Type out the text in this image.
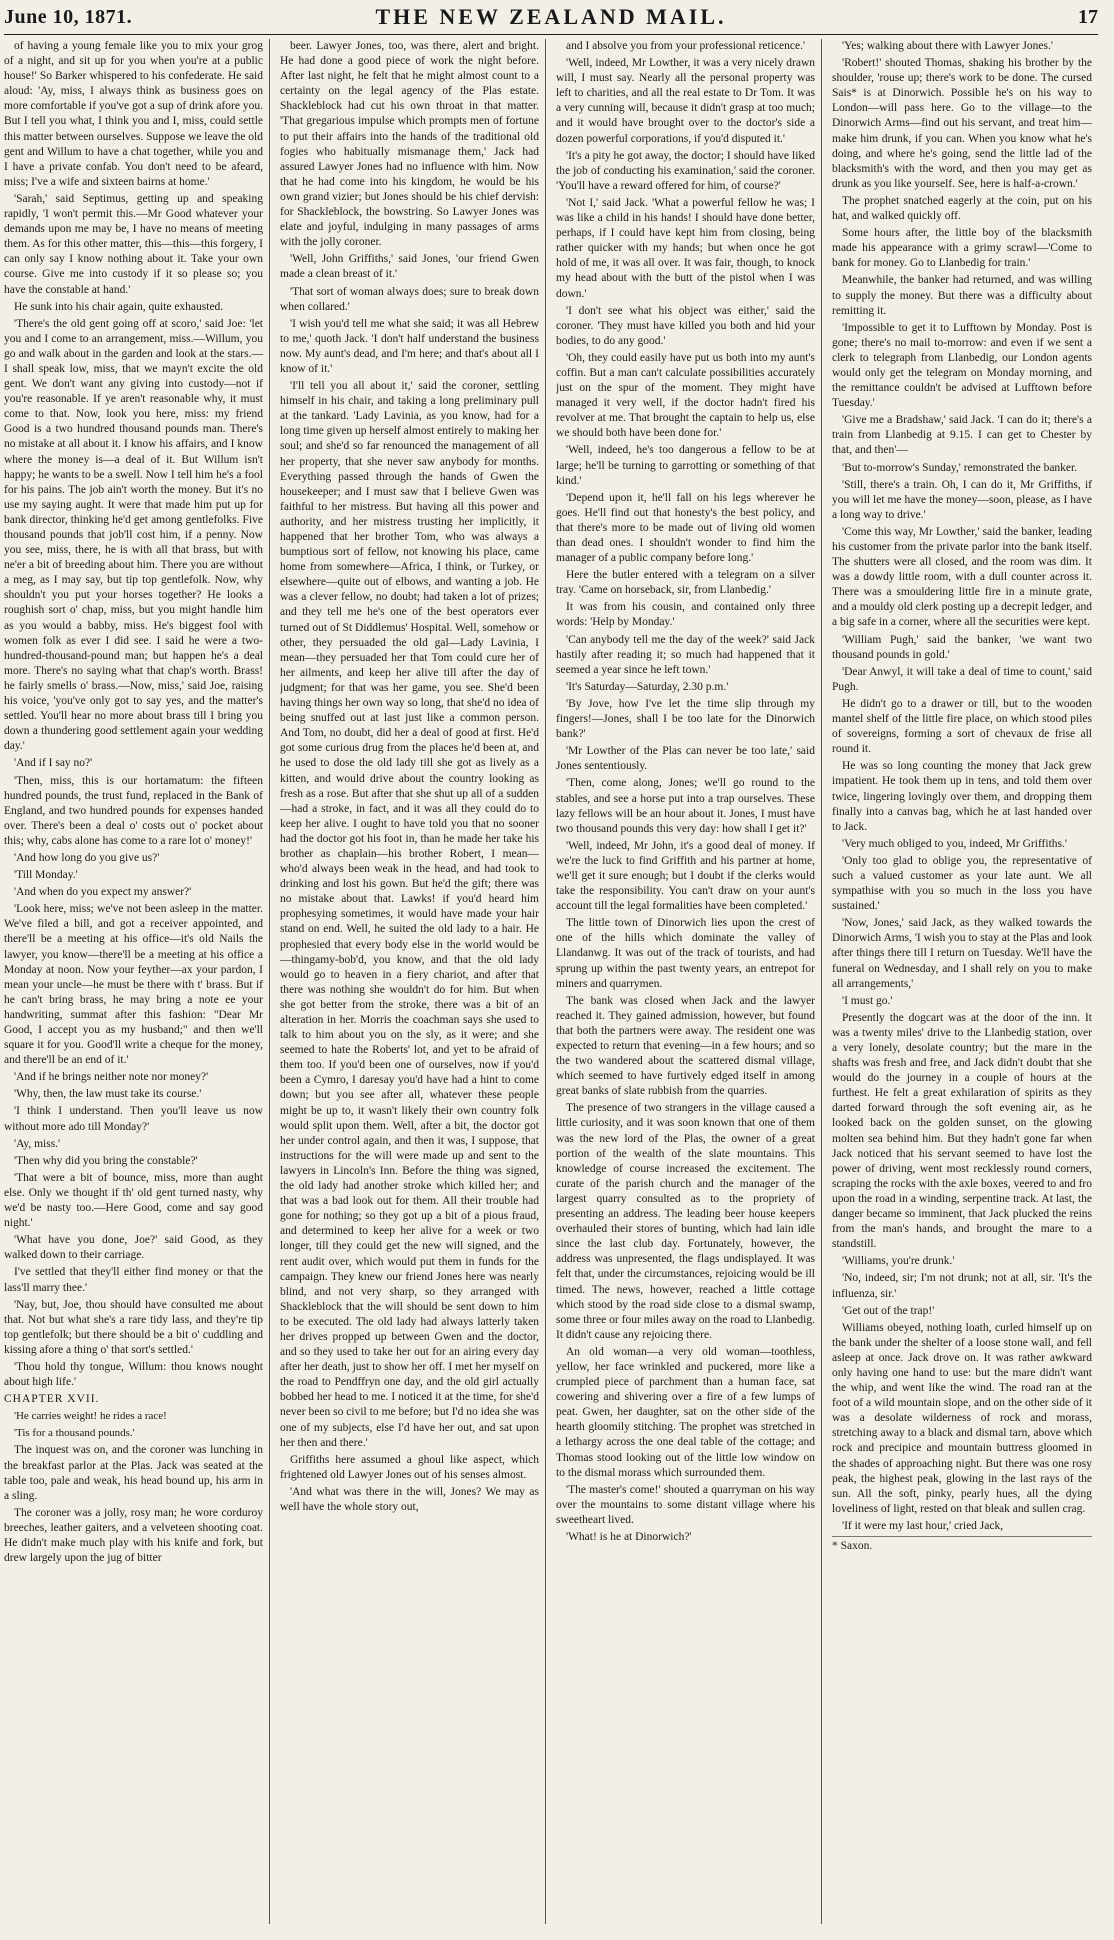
June 10, 1871.	THE NEW ZEALAND MAIL.	17

of having a young female like you to mix your grog of a night, and sit up for you when you're at a public house!' So Barker whispered to his confederate. He said aloud: 'Ay, miss, I always think as business goes on more comfortable if you've got a sup of drink afore you. But I tell you what, I think you and I, miss, could settle this matter between ourselves. Suppose we leave the old gent and Willum to have a chat together, while you and I have a private confab. You don't need to be afeard, miss; I've a wife and sixteen bairns at home.'

'Sarah,' said Septimus, getting up and speaking rapidly, 'I won't permit this.—Mr Good whatever your demands upon me may be, I have no means of meeting them. As for this other matter, this—this—this forgery, I can only say I know nothing about it. Take your own course. Give me into custody if it so please so; you have the constable at hand.'

He sunk into his chair again, quite exhausted.

'There's the old gent going off at scoro,' said Joe: 'let you and I come to an arrangement, miss.—Willum, you go and walk about in the garden and look at the stars.—I shall speak low, miss, that we mayn't excite the old gent. We don't want any giving into custody—not if you're reasonable. If ye aren't reasonable why, it must come to that. Now, look you here, miss: my friend Good is a two hundred thousand pounds man. There's no mistake at all about it. I know his affairs, and I know where the money is—a deal of it. But Willum isn't happy; he wants to be a swell. Now I tell him he's a fool for his pains. The job ain't worth the money. But it's no use my saying aught. It were that made him put up for bank director, thinking he'd get among gentlefolks. Five thousand pounds that job'll cost him, if a penny. Now you see, miss, there, he is with all that brass, but with ne'er a bit of breeding about him. There you are without a meg, as I may say, but tip top gentlefolk. Now, why shouldn't you put your horses together? He looks a roughish sort o' chap, miss, but you might handle him as you would a babby, miss. He's biggest fool with women folk as ever I did see. I said he were a two-hundred-thousand-pound man; but happen he's a deal more. There's no saying what that chap's worth. Brass! he fairly smells o' brass.—Now, miss,' said Joe, raising his voice, 'you've only got to say yes, and the matter's settled. You'll hear no more about brass till I bring you down a thundering good settlement again your wedding day.'

'And if I say no?'

'Then, miss, this is our hortamatum: the fifteen hundred pounds, the trust fund, replaced in the Bank of England, and two hundred pounds for expenses handed over. There's been a deal o' costs out o' pocket about this; why, cabs alone has come to a rare lot o' money!'

'And how long do you give us?'

'Till Monday.'

'And when do you expect my answer?'

'Look here, miss; we've not been asleep in the matter. We've filed a bill, and got a receiver appointed, and there'll be a meeting at his office—it's old Nails the lawyer, you know—there'll be a meeting at his office a Monday at noon. Now your feyther—ax your pardon, I mean your uncle—he must be there with t' brass. But if he can't bring brass, he may bring a note ee your handwriting, summat after this fashion: "Dear Mr Good, I accept you as my husband;" and then we'll square it for you. Good'll write a cheque for the money, and there'll be an end of it.'

'And if he brings neither note nor money?'

'Why, then, the law must take its course.'

'I think I understand. Then you'll leave us now without more ado till Monday?'

'Ay, miss.'

'Then why did you bring the constable?'

'That were a bit of bounce, miss, more than aught else. Only we thought if th' old gent turned nasty, why we'd be nasty too.—Here Good, come and say good night.'

'What have you done, Joe?' said Good, as they walked down to their carriage.

I've settled that they'll either find money or that the lass'll marry thee.'

'Nay, but, Joe, thou should have consulted me about that. Not but what she's a rare tidy lass, and they're tip top gentlefolk; but there should be a bit o' cuddling and kissing afore a thing o' that sort's settled.'

'Thou hold thy tongue, Willum: thou knows nought about high life.'

CHAPTER XVII.

'He carries weight! he rides a race!

'Tis for a thousand pounds.'

The inquest was on, and the coroner was lunching in the breakfast parlor at the Plas. Jack was seated at the table too, pale and weak, his head bound up, his arm in a sling.

The coroner was a jolly, rosy man; he wore corduroy breeches, leather gaiters, and a velveteen shooting coat. He didn't make much play with his knife and fork, but drew largely upon the jug of bitter

beer. Lawyer Jones, too, was there, alert and bright. He had done a good piece of work the night before. After last night, he felt that he might almost count to a certainty on the legal agency of the Plas estate. Shackleblock had cut his own throat in that matter. 'That gregarious impulse which prompts men of fortune to put their affairs into the hands of the traditional old fogies who habitually mismanage them,' Jack had assured Lawyer Jones had no influence with him. Now that he had come into his kingdom, he would be his own grand vizier; but Jones should be his chief dervish: for Shackleblock, the bowstring. So Lawyer Jones was elate and joyful, indulging in many passages of arms with the jolly coroner.

'Well, John Griffiths,' said Jones, 'our friend Gwen made a clean breast of it.'

'That sort of woman always does; sure to break down when collared.'

'I wish you'd tell me what she said; it was all Hebrew to me,' quoth Jack. 'I don't half understand the business now. My aunt's dead, and I'm here; and that's about all I know of it.'

'I'll tell you all about it,' said the coroner, settling himself in his chair, and taking a long preliminary pull at the tankard. 'Lady Lavinia, as you know, had for a long time given up herself almost entirely to making her soul; and she'd so far renounced the management of all her property, that she never saw anybody for months. Everything passed through the hands of Gwen the housekeeper; and I must saw that I believe Gwen was faithful to her mistress. But having all this power and authority, and her mistress trusting her implicitly, it happened that her brother Tom, who was always a bumptious sort of fellow, not knowing his place, came home from somewhere—Africa, I think, or Turkey, or elsewhere—quite out of elbows, and wanting a job. He was a clever fellow, no doubt; had taken a lot of prizes; and they tell me he's one of the best operators ever turned out of St Diddlemus' Hospital. Well, somehow or other, they persuaded the old gal—Lady Lavinia, I mean—they persuaded her that Tom could cure her of her ailments, and keep her alive till after the day of judgment; for that was her game, you see. She'd been having things her own way so long, that she'd no idea of being snuffed out at last just like a common person. And Tom, no doubt, did her a deal of good at first. He'd got some curious drug from the places he'd been at, and he used to dose the old lady till she got as lively as a kitten, and would drive about the country looking as fresh as a rose. But after that she shut up all of a sudden—had a stroke, in fact, and it was all they could do to keep her alive. I ought to have told you that no sooner had the doctor got his foot in, than he made her take his brother as chaplain—his brother Robert, I mean—who'd always been weak in the head, and had took to drinking and lost his gown. But he'd the gift; there was no mistake about that. Lawks! if you'd heard him prophesying sometimes, it would have made your hair stand on end. Well, he suited the old lady to a hair. He prophesied that every body else in the world would be—thingamy-bob'd, you know, and that the old lady would go to heaven in a fiery chariot, and after that there was nothing she wouldn't do for him. But when she got better from the stroke, there was a bit of an alteration in her. Morris the coachman says she used to talk to him about you on the sly, as it were; and she seemed to hate the Roberts' lot, and yet to be afraid of them too. If you'd been one of ourselves, now if you'd been a Cymro, I daresay you'd have had a hint to come down; but you see after all, whatever these people might be up to, it wasn't likely their own country folk would split upon them. Well, after a bit, the doctor got her under control again, and then it was, I suppose, that instructions for the will were made up and sent to the lawyers in Lincoln's Inn. Before the thing was signed, the old lady had another stroke which killed her; and that was a bad look out for them. All their trouble had gone for nothing; so they got up a bit of a pious fraud, and determined to keep her alive for a week or two longer, till they could get the new will signed, and the rent audit over, which would put them in funds for the campaign. They knew our friend Jones here was nearly blind, and not very sharp, so they arranged with Shackleblock that the will should be sent down to him to be executed. The old lady had always latterly taken her drives propped up between Gwen and the doctor, and so they used to take her out for an airing every day after her death, just to show her off. I met her myself on the road to Pendffryn one day, and the old girl actually bobbed her head to me. I noticed it at the time, for she'd never been so civil to me before; but I'd no idea she was one of my subjects, else I'd have her out, and sat upon her then and there.'

Griffiths here assumed a ghoul like aspect, which frightened old Lawyer Jones out of his senses almost.

'And what was there in the will, Jones? We may as well have the whole story out,

and I absolve you from your professional reticence.'

'Well, indeed, Mr Lowther, it was a very nicely drawn will, I must say. Nearly all the personal property was left to charities, and all the real estate to Dr Tom. It was a very cunning will, because it didn't grasp at too much; and it would have brought over to the doctor's side a dozen powerful corporations, if you'd disputed it.'

'It's a pity he got away, the doctor; I should have liked the job of conducting his examination,' said the coroner. 'You'll have a reward offered for him, of course?'

'Not I,' said Jack. 'What a powerful fellow he was; I was like a child in his hands! I should have done better, perhaps, if I could have kept him from closing, being rather quicker with my hands; but when once he got hold of me, it was all over. It was fair, though, to knock my head about with the butt of the pistol when I was down.'

'I don't see what his object was either,' said the coroner. 'They must have killed you both and hid your bodies, to do any good.'

'Oh, they could easily have put us both into my aunt's coffin. But a man can't calculate possibilities accurately just on the spur of the moment. They might have managed it very well, if the doctor hadn't fired his revolver at me. That brought the captain to help us, else we should both have been done for.'

'Well, indeed, he's too dangerous a fellow to be at large; he'll be turning to garrotting or something of that kind.'

'Depend upon it, he'll fall on his legs wherever he goes. He'll find out that honesty's the best policy, and that there's more to be made out of living old women than dead ones. I shouldn't wonder to find him the manager of a public company before long.'

Here the butler entered with a telegram on a silver tray. 'Came on horseback, sir, from Llanbedig.'

It was from his cousin, and contained only three words: 'Help by Monday.'

'Can anybody tell me the day of the week?' said Jack hastily after reading it; so much had happened that it seemed a year since he left town.'

'It's Saturday—Saturday, 2.30 p.m.'

'By Jove, how I've let the time slip through my fingers!—Jones, shall I be too late for the Dinorwich bank?'

'Mr Lowther of the Plas can never be too late,' said Jones sententiously.

'Then, come along, Jones; we'll go round to the stables, and see a horse put into a trap ourselves. These lazy fellows will be an hour about it. Jones, I must have two thousand pounds this very day: how shall I get it?'

'Well, indeed, Mr John, it's a good deal of money. If we're the luck to find Griffith and his partner at home, we'll get it sure enough; but I doubt if the clerks would take the responsibility. You can't draw on your aunt's account till the legal formalities have been completed.'

The little town of Dinorwich lies upon the crest of one of the hills which dominate the valley of Llandanwg. It was out of the track of tourists, and had sprung up within the past twenty years, an entrepot for miners and quarrymen.

The bank was closed when Jack and the lawyer reached it. They gained admission, however, but found that both the partners were away. The resident one was expected to return that evening—in a few hours; and so the two wandered about the scattered dismal village, which seemed to have furtively edged itself in among great banks of slate rubbish from the quarries.

The presence of two strangers in the village caused a little curiosity, and it was soon known that one of them was the new lord of the Plas, the owner of a great portion of the wealth of the slate mountains. This knowledge of course increased the excitement. The curate of the parish church and the manager of the largest quarry consulted as to the propriety of presenting an address. The leading beer house keepers overhauled their stores of bunting, which had lain idle since the last club day. Fortunately, however, the address was unpresented, the flags undisplayed. It was felt that, under the circumstances, rejoicing would be ill timed. The news, however, reached a little cottage which stood by the road side close to a dismal swamp, some three or four miles away on the road to Llanbedig. It didn't cause any rejoicing there.

An old woman—a very old woman—toothless, yellow, her face wrinkled and puckered, more like a crumpled piece of parchment than a human face, sat cowering and shivering over a fire of a few lumps of peat. Gwen, her daughter, sat on the other side of the hearth gloomily stitching. The prophet was stretched in a lethargy across the one deal table of the cottage; and Thomas stood looking out of the little low window on to the dismal morass which surrounded them.

'The master's come!' shouted a quarryman on his way over the mountains to some distant village where his sweetheart lived.

'What! is he at Dinorwich?'

'Yes; walking about there with Lawyer Jones.'

'Robert!' shouted Thomas, shaking his brother by the shoulder, 'rouse up; there's work to be done. The cursed Sais* is at Dinorwich. Possible he's on his way to London—will pass here. Go to the village—to the Dinorwich Arms—find out his servant, and treat him—make him drunk, if you can. When you know what he's doing, and where he's going, send the little lad of the blacksmith's with the word, and then you may get as drunk as you like yourself. See, here is half-a-crown.'

The prophet snatched eagerly at the coin, put on his hat, and walked quickly off.

Some hours after, the little boy of the blacksmith made his appearance with a grimy scrawl—'Come to bank for money. Go to Llanbedig for train.'

Meanwhile, the banker had returned, and was willing to supply the money. But there was a difficulty about remitting it.

'Impossible to get it to Lufftown by Monday. Post is gone; there's no mail to-morrow: and even if we sent a clerk to telegraph from Llanbedig, our London agents would only get the telegram on Monday morning, and the remittance couldn't be advised at Lufftown before Tuesday.'

'Give me a Bradshaw,' said Jack. 'I can do it; there's a train from Llanbedig at 9.15. I can get to Chester by that, and then'—

'But to-morrow's Sunday,' remonstrated the banker.

'Still, there's a train. Oh, I can do it, Mr Griffiths, if you will let me have the money—soon, please, as I have a long way to drive.'

'Come this way, Mr Lowther,' said the banker, leading his customer from the private parlor into the bank itself. The shutters were all closed, and the room was dim. It was a dowdy little room, with a dull counter across it. There was a smouldering little fire in a minute grate, and a mouldy old clerk posting up a decrepit ledger, and a big safe in a corner, where all the securities were kept.

'William Pugh,' said the banker, 'we want two thousand pounds in gold.'

'Dear Anwyl, it will take a deal of time to count,' said Pugh.

He didn't go to a drawer or till, but to the wooden mantel shelf of the little fire place, on which stood piles of sovereigns, forming a sort of chevaux de frise all round it.

He was so long counting the money that Jack grew impatient. He took them up in tens, and told them over twice, lingering lovingly over them, and dropping them finally into a canvas bag, which he at last handed over to Jack.

'Very much obliged to you, indeed, Mr Griffiths.'

'Only too glad to oblige you, the representative of such a valued customer as your late aunt. We all sympathise with you so much in the loss you have sustained.'

'Now, Jones,' said Jack, as they walked towards the Dinorwich Arms, 'I wish you to stay at the Plas and look after things there till I return on Tuesday. We'll have the funeral on Wednesday, and I shall rely on you to make all arrangements,'

'I must go.'

Presently the dogcart was at the door of the inn. It was a twenty miles' drive to the Llanbedig station, over a very lonely, desolate country; but the mare in the shafts was fresh and free, and Jack didn't doubt that she would do the journey in a couple of hours at the furthest. He felt a great exhilaration of spirits as they darted forward through the soft evening air, as he looked back on the golden sunset, on the glowing molten sea behind him. But they hadn't gone far when Jack noticed that his servant seemed to have lost the power of driving, went most recklessly round corners, scraping the rocks with the axle boxes, veered to and fro upon the road in a winding, serpentine track. At last, the danger became so imminent, that Jack plucked the reins from the man's hands, and brought the mare to a standstill.

'Williams, you're drunk.'

'No, indeed, sir; I'm not drunk; not at all, sir. 'It's the influenza, sir.'

'Get out of the trap!'

Williams obeyed, nothing loath, curled himself up on the bank under the shelter of a loose stone wall, and fell asleep at once. Jack drove on. It was rather awkward only having one hand to use: but the mare didn't want the whip, and went like the wind. The road ran at the foot of a wild mountain slope, and on the other side of it was a desolate wilderness of rock and morass, stretching away to a black and dismal tarn, above which rock and precipice and mountain buttress gloomed in the shades of approaching night. But there was one rosy peak, the highest peak, glowing in the last rays of the sun. All the soft, pinky, pearly hues, all the dying loveliness of light, rested on that bleak and sullen crag.

'If it were my last hour,' cried Jack,

* Saxon.
